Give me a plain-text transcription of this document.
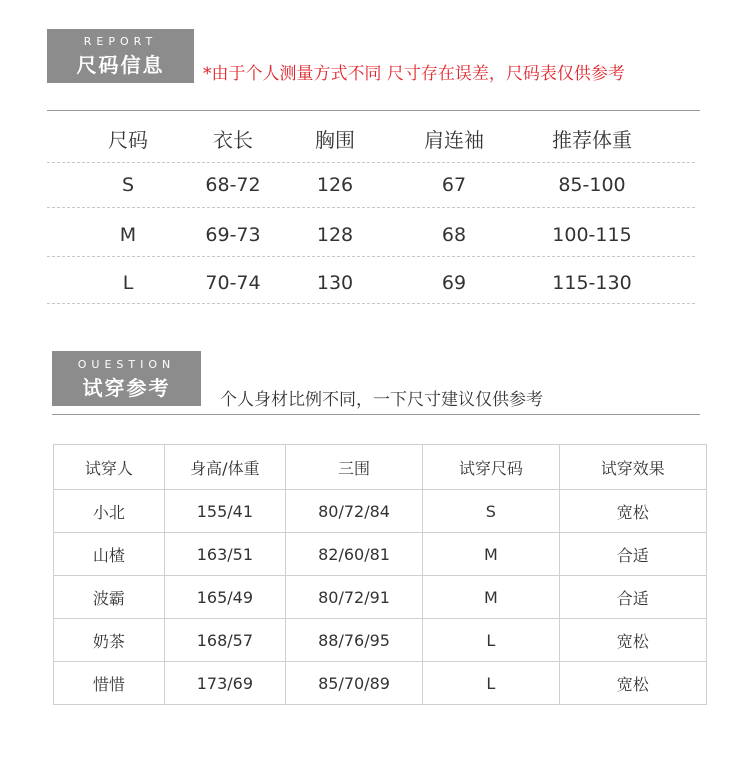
REPORT
尺码信息	*由于个人测量方式不同 尺寸存在误差，尺码表仅供参考
尺码	衣长	胸围	肩连袖	推荐体重
S	68-72	126	67	85-100
M	69-73	128	68	100-115
L	70-74	130	69	115-130
OUESTION
试穿参考	个人身材比例不同，一下尺寸建议仅供参考
试穿人	身高/体重	三围	试穿尺码	试穿效果
小北	155/41	80/72/84	S	宽松
山楂	163/51	82/60/81	M	合适
波霸	165/49	80/72/91	M	合适
奶茶	168/57	88/76/95	L	宽松
惜惜	173/69	85/70/89	L	宽松
